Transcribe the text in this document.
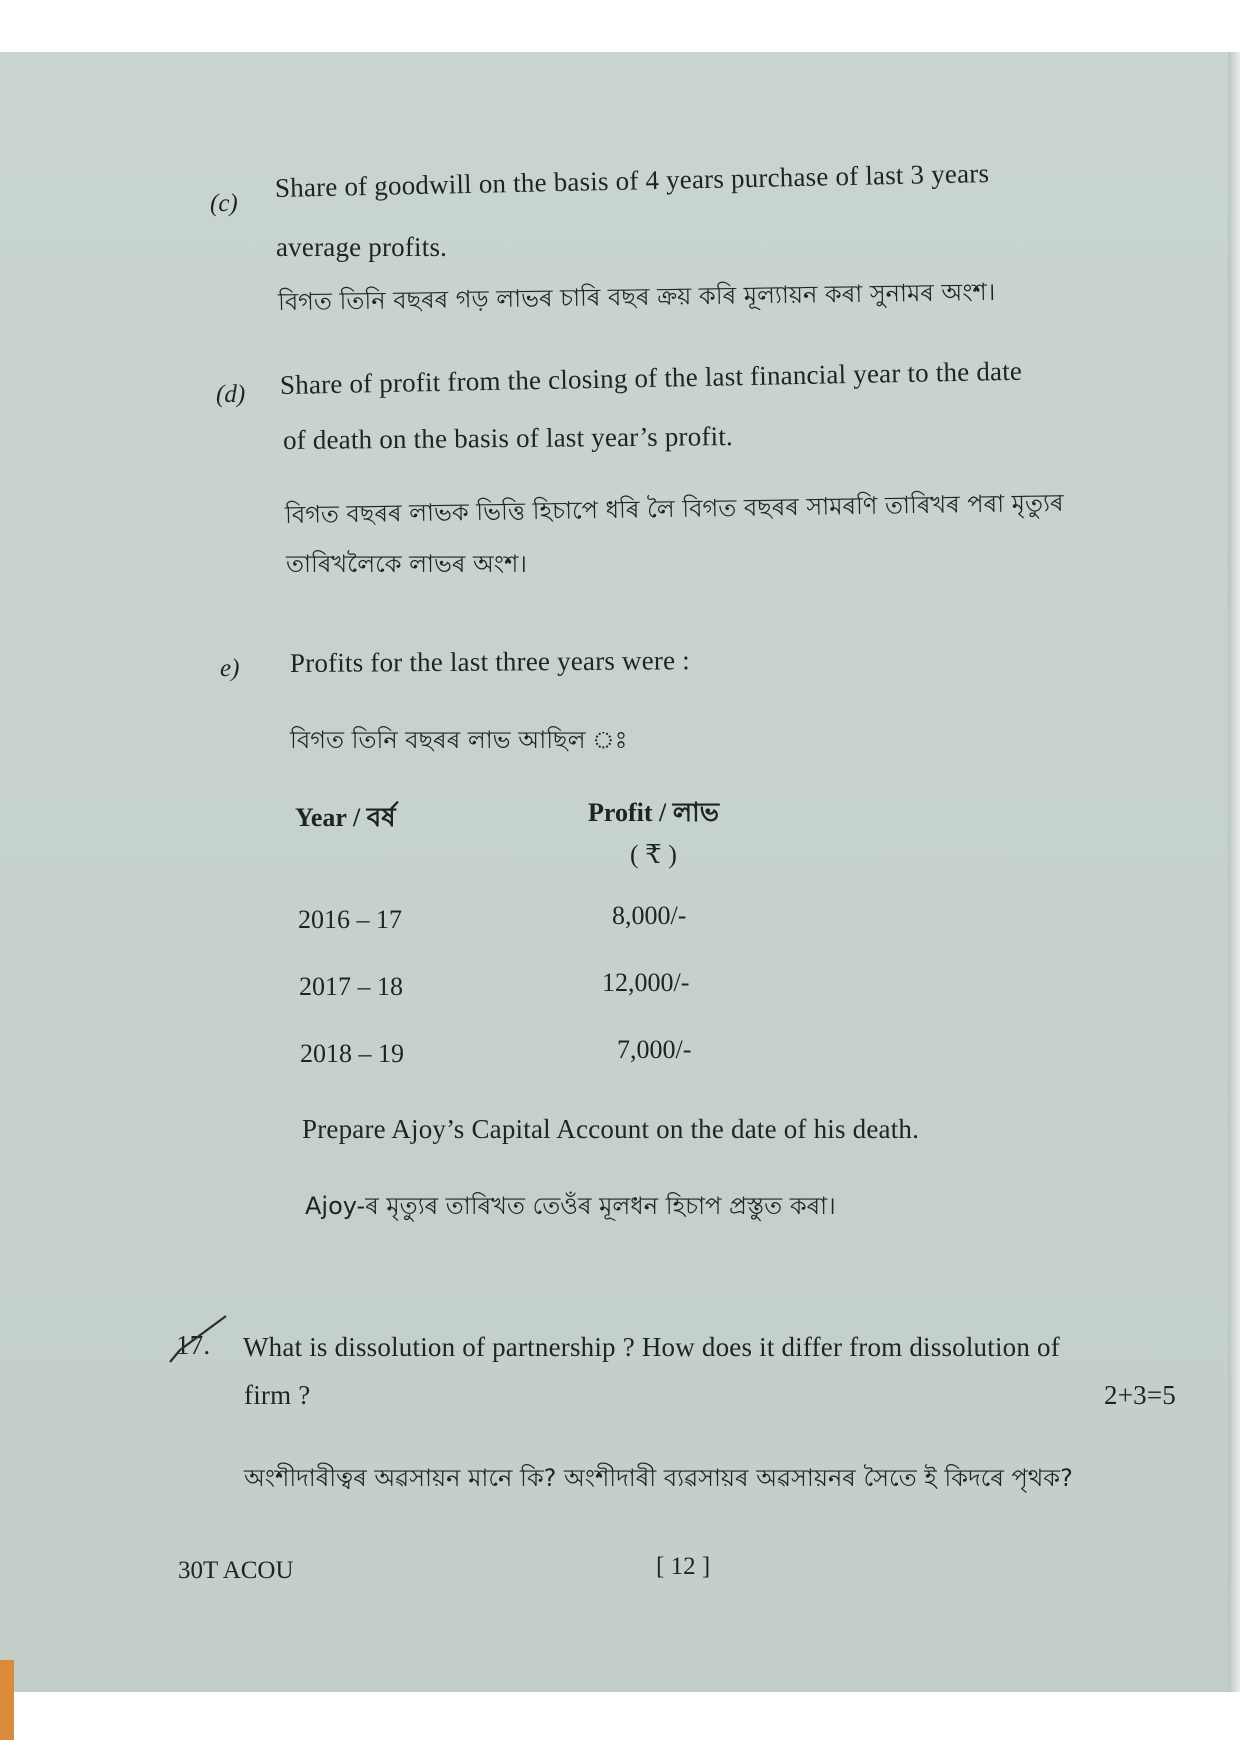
(c)
Share of goodwill on the basis of 4 years purchase of last 3 years
average profits.
বিগত তিনি বছৰৰ গড় লাভৰ চাৰি বছৰ ক্রয় কৰি মূল্যায়ন কৰা সুনামৰ অংশ।
(d) Share of profit from the closing of the last financial year to the date
of death on the basis of last year’s profit.
বিগত বছৰৰ লাভক ভিত্তি হিচাপে ধৰি লৈ বিগত বছৰৰ সামৰণি তাৰিখৰ পৰা মৃত্যুৰ
তাৰিখলৈকে লাভৰ অংশ।
e) Profits for the last three years were :
বিগত তিনি বছৰৰ লাভ আছিল ঃ
Year / বৰ্ষ	Profit / লাভ
( ₹ )
2016 – 17	8,000/-
2017 – 18	12,000/-
2018 – 19	7,000/-
Prepare Ajoy’s Capital Account on the date of his death.
Ajoy-ৰ মৃত্যুৰ তাৰিখত তেওঁৰ মূলধন হিচাপ প্ৰস্তুত কৰা।
17. What is dissolution of partnership ? How does it differ from dissolution of
firm ?	2+3=5
অংশীদাৰীত্বৰ অৱসায়ন মানে কি? অংশীদাৰী ব্যৱসায়ৰ অৱসায়নৰ সৈতে ই কিদৰে পৃথক?
30T ACOU	[ 12 ]
